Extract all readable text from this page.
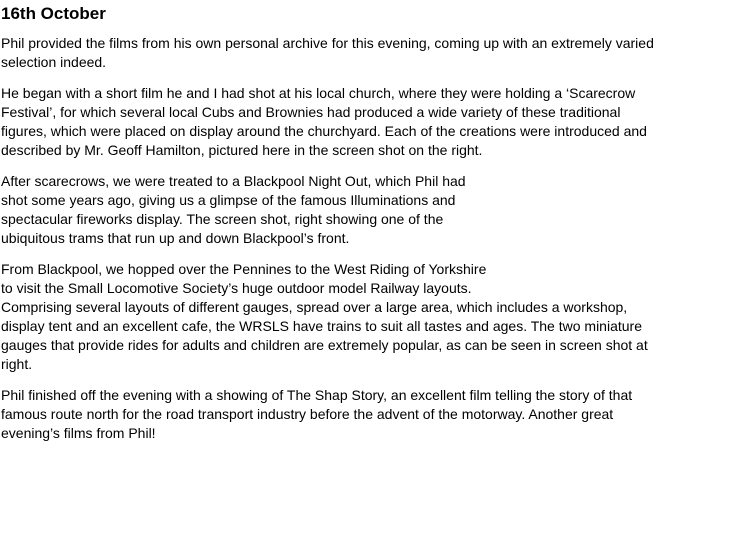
16th October
Phil provided the films from his own personal archive for this evening, coming up with an extremely varied
selection indeed.
He began with a short film he and I had shot at his local church, where they were holding a ‘Scarecrow
Festival’, for which several local Cubs and Brownies had produced a wide variety of these traditional
figures, which were placed on display around the churchyard. Each of the creations were introduced and
described by Mr. Geoff Hamilton, pictured here in the screen shot on the right.
After scarecrows, we were treated to a Blackpool Night Out, which Phil had
shot some years ago, giving us a glimpse of the famous Illuminations and
spectacular fireworks display. The screen shot, right showing one of the
ubiquitous trams that run up and down Blackpool’s front.
From Blackpool, we hopped over the Pennines to the West Riding of Yorkshire
to visit the Small Locomotive Society’s huge outdoor model Railway layouts.
Comprising several layouts of different gauges, spread over a large area, which includes a workshop,
display tent and an excellent cafe, the WRSLS have trains to suit all tastes and ages. The two miniature
gauges that provide rides for adults and children are extremely popular, as can be seen in screen shot at
right.
Phil finished off the evening with a showing of The Shap Story, an excellent film telling the story of that
famous route north for the road transport industry before the advent of the motorway. Another great
evening’s films from Phil!
